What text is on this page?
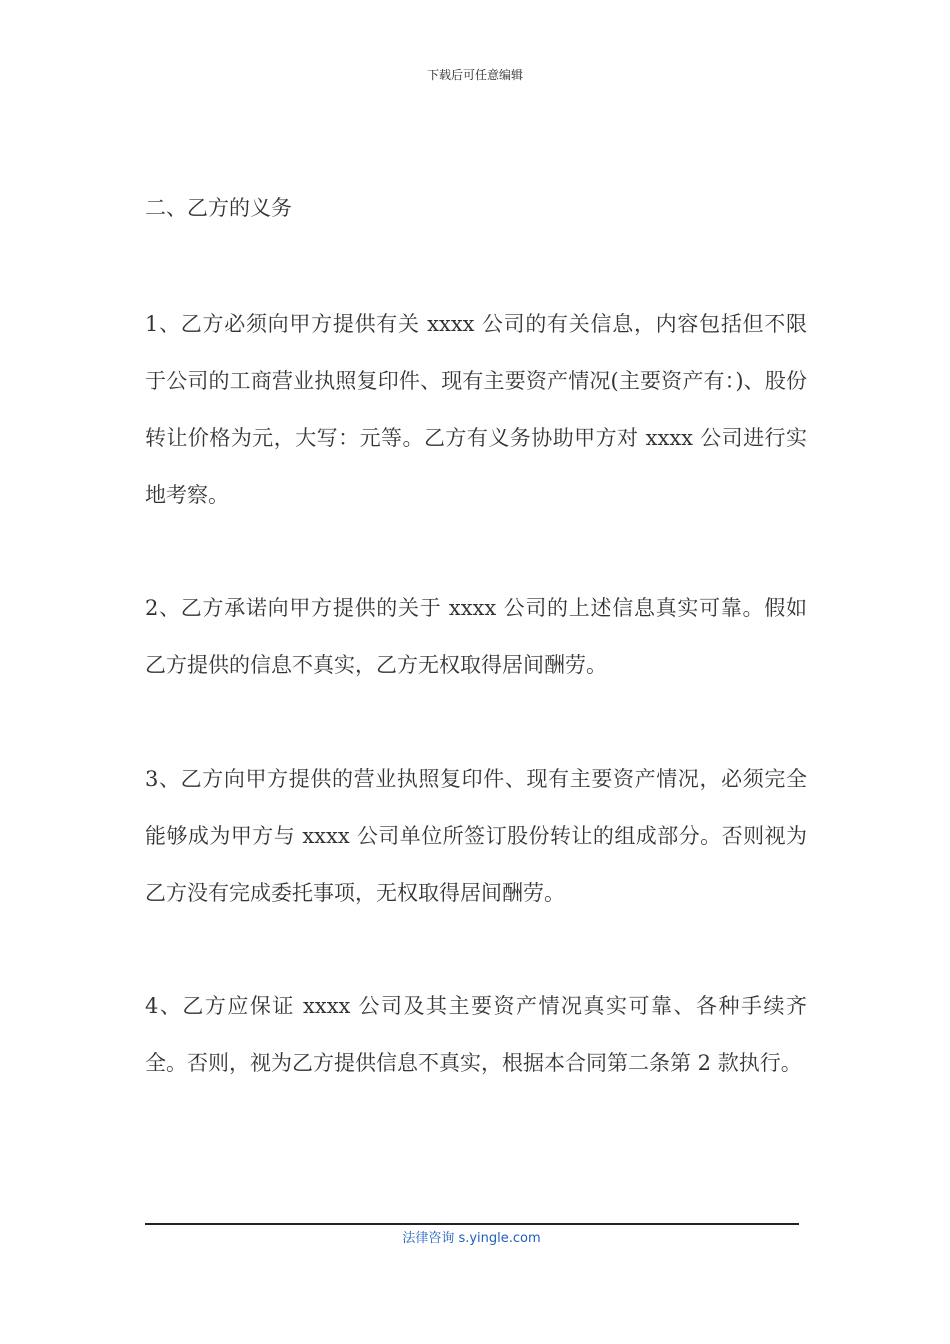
下载后可任意编辑
二、乙方的义务
1、乙方必须向甲方提供有关 xxxx 公司的有关信息，内容包括但不限于公司的工商营业执照复印件、现有主要资产情况(主要资产有：)、股份转让价格为元，大写：元等。乙方有义务协助甲方对 xxxx 公司进行实地考察。
2、乙方承诺向甲方提供的关于 xxxx 公司的上述信息真实可靠。假如乙方提供的信息不真实，乙方无权取得居间酬劳。
3、乙方向甲方提供的营业执照复印件、现有主要资产情况，必须完全能够成为甲方与 xxxx 公司单位所签订股份转让的组成部分。否则视为乙方没有完成委托事项，无权取得居间酬劳。
4、乙方应保证 xxxx 公司及其主要资产情况真实可靠、各种手续齐全。否则，视为乙方提供信息不真实，根据本合同第二条第 2 款执行。
法律咨询 s.yingle.com
